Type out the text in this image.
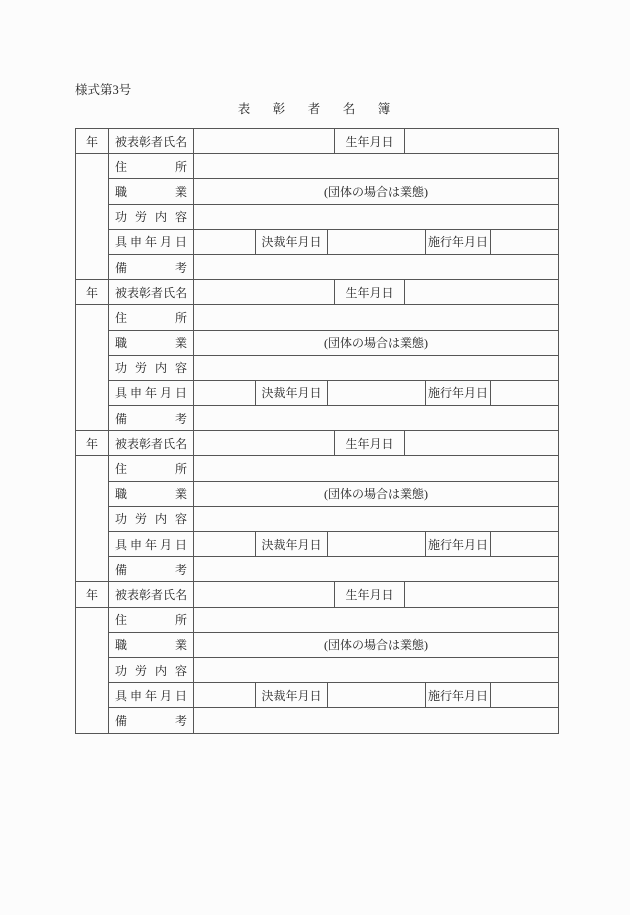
様式第3号
表　彰　者　名　簿
年	被 表 彰 者 氏 名		生年月日	

	住 所							

	職 業	(団体の場合は業態)						

	功 労 内 容							

	具 申 年 月 日		決裁年月日				施行年月日	

	備 考							

年	被 表 彰 者 氏 名		生年月日	

	住 所							

	職 業	(団体の場合は業態)						

	功 労 内 容							

	具 申 年 月 日		決裁年月日				施行年月日	

	備 考							

年	被 表 彰 者 氏 名		生年月日	

	住 所							

	職 業	(団体の場合は業態)						

	功 労 内 容							

	具 申 年 月 日		決裁年月日				施行年月日	

	備 考							

年	被 表 彰 者 氏 名		生年月日	

	住 所							

	職 業	(団体の場合は業態)						

	功 労 内 容							

	具 申 年 月 日		決裁年月日				施行年月日	

	備 考							
